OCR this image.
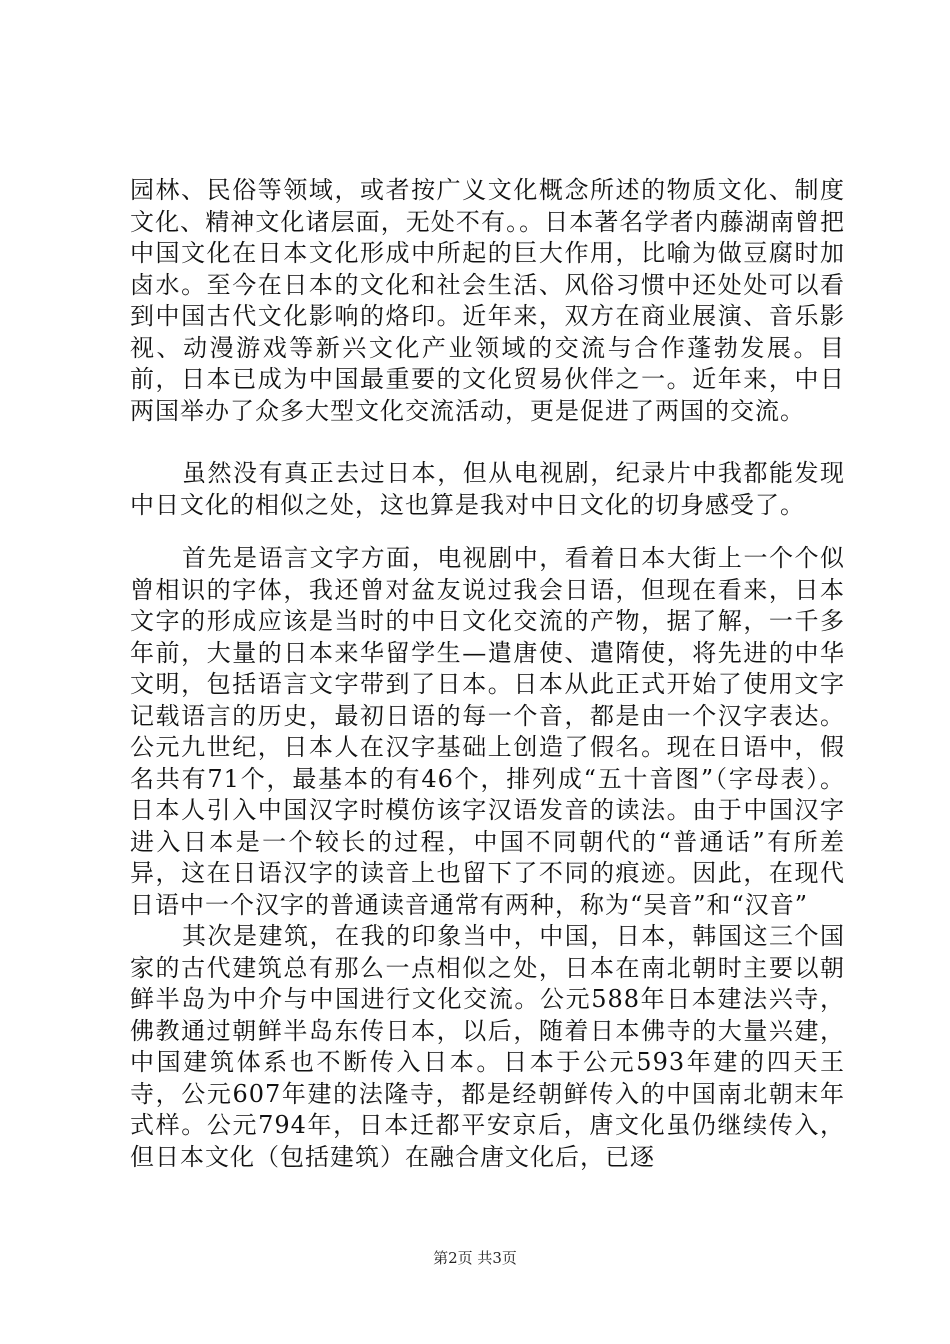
园林、民俗等领域，或者按广义文化概念所述的物质文化、制度文化、精神文化诸层面，无处不有。。日本著名学者内藤湖南曾把中国文化在日本文化形成中所起的巨大作用，比喻为做豆腐时加卤水。至今在日本的文化和社会生活、风俗习惯中还处处可以看到中国古代文化影响的烙印。近年来，双方在商业展演、音乐影视、动漫游戏等新兴文化产业领域的交流与合作蓬勃发展。目前，日本已成为中国最重要的文化贸易伙伴之一。近年来，中日两国举办了众多大型文化交流活动，更是促进了两国的交流。

虽然没有真正去过日本，但从电视剧，纪录片中我都能发现中日文化的相似之处，这也算是我对中日文化的切身感受了。

首先是语言文字方面，电视剧中，看着日本大街上一个个似曾相识的字体，我还曾对盆友说过我会日语，但现在看来，日本文字的形成应该是当时的中日文化交流的产物，据了解，一千多年前，大量的日本来华留学生—遣唐使、遣隋使，将先进的中华文明，包括语言文字带到了日本。日本从此正式开始了使用文字记载语言的历史，最初日语的每一个音，都是由一个汉字表达。公元九世纪，日本人在汉字基础上创造了假名。现在日语中，假名共有71个，最基本的有46个，排列成“五十音图”（字母表）。日本人引入中国汉字时模仿该字汉语发音的读法。由于中国汉字进入日本是一个较长的过程，中国不同朝代的“普通话”有所差异，这在日语汉字的读音上也留下了不同的痕迹。因此，在现代日语中一个汉字的普通读音通常有两种，称为“吴音”和“汉音”

其次是建筑，在我的印象当中，中国，日本，韩国这三个国家的古代建筑总有那么一点相似之处，日本在南北朝时主要以朝鲜半岛为中介与中国进行文化交流。公元588年日本建法兴寺，佛教通过朝鲜半岛东传日本，以后，随着日本佛寺的大量兴建，中国建筑体系也不断传入日本。日本于公元593年建的四天王寺，公元607年建的法隆寺，都是经朝鲜传入的中国南北朝末年式样。公元794年，日本迁都平安京后，唐文化虽仍继续传入，但日本文化（包括建筑）在融合唐文化后，已逐

第2页 共3页
